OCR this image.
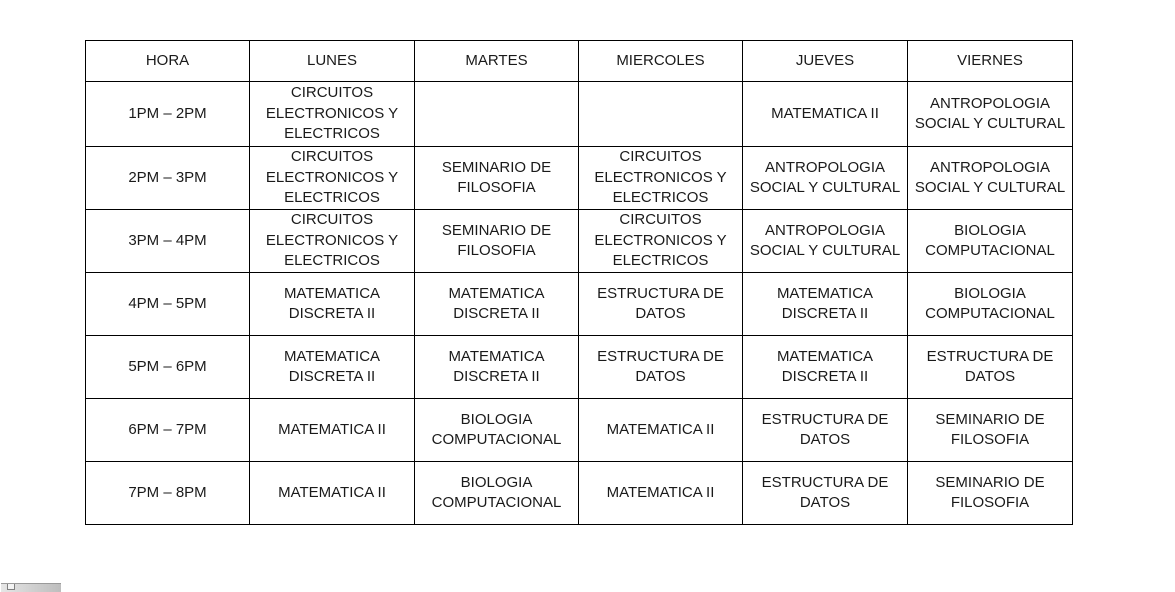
HORA	LUNES	MARTES	MIERCOLES	JUEVES	VIERNES

1PM – 2PM	CIRCUITOS
ELECTRONICOS Y
ELECTRICOS			MATEMATICA II	ANTROPOLOGIA
SOCIAL Y CULTURAL

2PM – 3PM	CIRCUITOS
ELECTRONICOS Y
ELECTRICOS	SEMINARIO DE
FILOSOFIA	CIRCUITOS
ELECTRONICOS Y
ELECTRICOS	ANTROPOLOGIA
SOCIAL Y CULTURAL	ANTROPOLOGIA
SOCIAL Y CULTURAL

3PM – 4PM	CIRCUITOS
ELECTRONICOS Y
ELECTRICOS	SEMINARIO DE
FILOSOFIA	CIRCUITOS
ELECTRONICOS Y
ELECTRICOS	ANTROPOLOGIA
SOCIAL Y CULTURAL	BIOLOGIA
COMPUTACIONAL

4PM – 5PM	MATEMATICA
DISCRETA II	MATEMATICA
DISCRETA II	ESTRUCTURA DE
DATOS	MATEMATICA
DISCRETA II	BIOLOGIA
COMPUTACIONAL

5PM – 6PM	MATEMATICA
DISCRETA II	MATEMATICA
DISCRETA II	ESTRUCTURA DE
DATOS	MATEMATICA
DISCRETA II	ESTRUCTURA DE
DATOS

6PM – 7PM	MATEMATICA II	BIOLOGIA
COMPUTACIONAL	MATEMATICA II	ESTRUCTURA DE
DATOS	SEMINARIO DE
FILOSOFIA

7PM – 8PM	MATEMATICA II	BIOLOGIA
COMPUTACIONAL	MATEMATICA II	ESTRUCTURA DE
DATOS	SEMINARIO DE
FILOSOFIA
